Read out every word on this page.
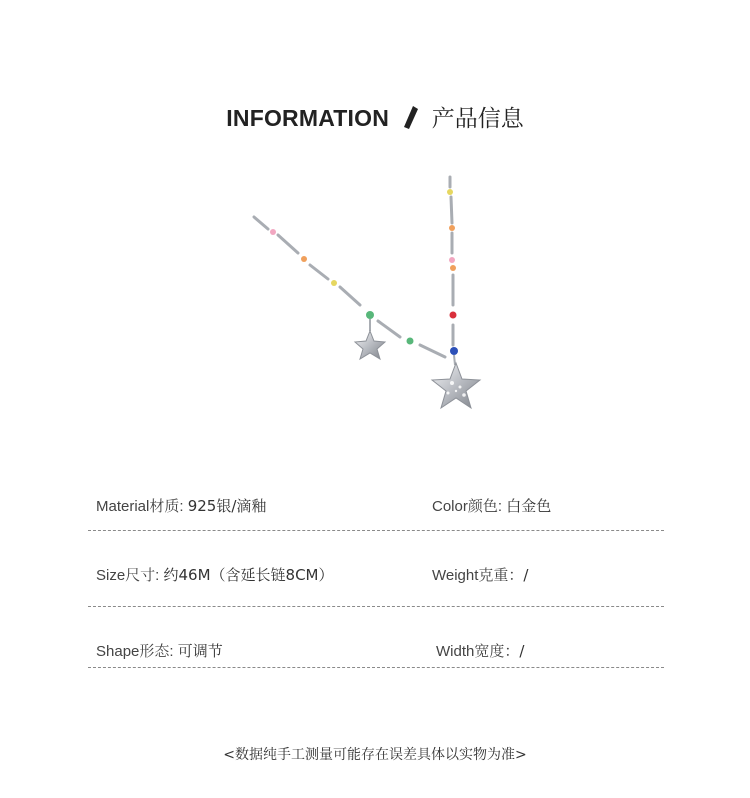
INFORMATION 产品信息
Material材质: 925银/滴釉	Color颜色: 白金色
Size尺寸: 约46M（含延长链8CM）	Weight克重：/
Shape形态: 可调节	Width宽度：/
<数据纯手工测量可能存在误差具体以实物为准>
